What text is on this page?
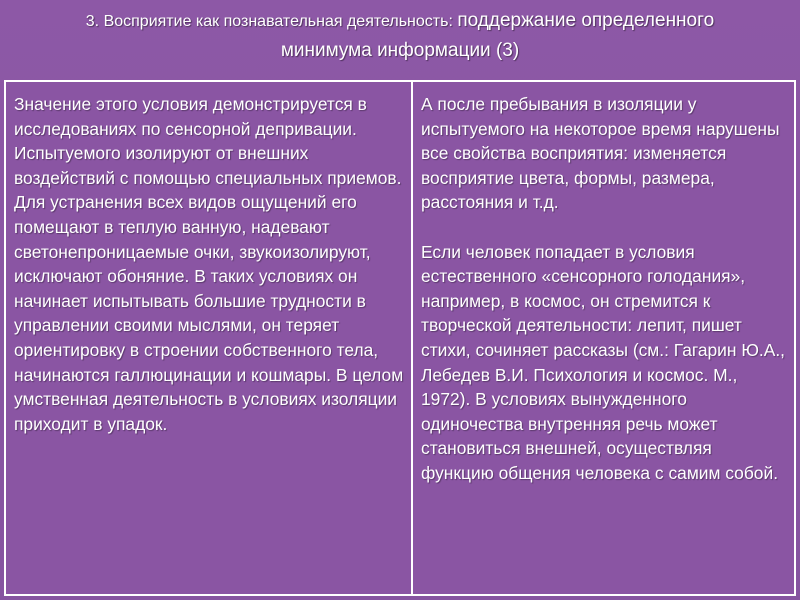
3. Восприятие как познавательная деятельность: поддержание определенного
минимума информации (3)

Значение этого условия демонстрируется в исследованиях по сенсорной депривации. Испытуемого изолируют от внешних воздействий с помощью специальных приемов. Для устранения всех видов ощущений его помещают в теплую ванную, надевают светонепроницаемые очки, звукоизолируют, исключают обоняние. В таких условиях он начинает испытывать большие трудности в управлении своими мыслями, он теряет ориентировку в строении собственного тела, начинаются галлюцинации и кошмары. В целом умственная деятельность в условиях изоляции приходит в упадок.

А после пребывания в изоляции у испытуемого на некоторое время нарушены все свойства восприятия: изменяется восприятие цвета, формы, размера, расстояния и т.д.

Если человек попадает в условия естественного «сенсорного голодания», например, в космос, он стремится к творческой деятельности: лепит, пишет стихи, сочиняет рассказы (см.: Гагарин Ю.А., Лебедев В.И. Психология и космос. М., 1972). В условиях вынужденного одиночества внутренняя речь может становиться внешней, осуществляя функцию общения человека с самим собой.
